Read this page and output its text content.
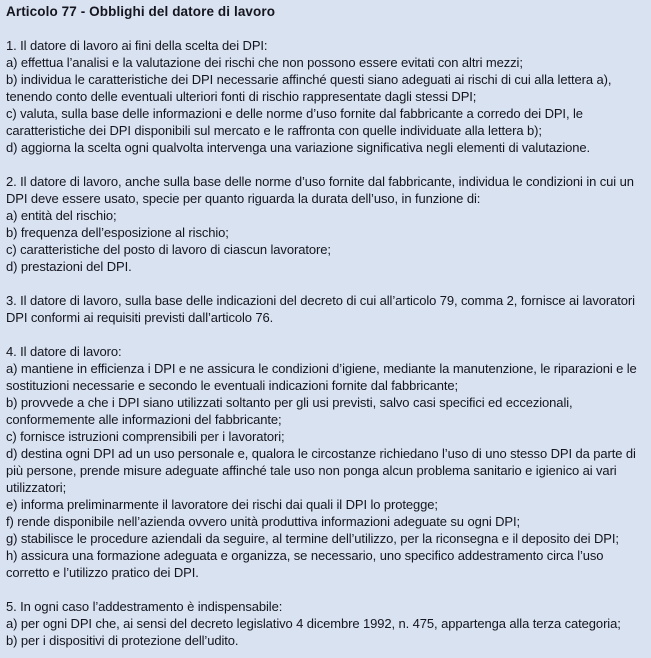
Articolo 77 - Obblighi del datore di lavoro
1. Il datore di lavoro ai fini della scelta dei DPI:
a) effettua l’analisi e la valutazione dei rischi che non possono essere evitati con altri mezzi;
b) individua le caratteristiche dei DPI necessarie affinché questi siano adeguati ai rischi di cui alla lettera a), tenendo conto delle eventuali ulteriori fonti di rischio rappresentate dagli stessi DPI;
c) valuta, sulla base delle informazioni e delle norme d’uso fornite dal fabbricante a corredo dei DPI, le caratteristiche dei DPI disponibili sul mercato e le raffronta con quelle individuate alla lettera b);
d) aggiorna la scelta ogni qualvolta intervenga una variazione significativa negli elementi di valutazione.
2. Il datore di lavoro, anche sulla base delle norme d’uso fornite dal fabbricante, individua le condizioni in cui un DPI deve essere usato, specie per quanto riguarda la durata dell’uso, in funzione di:
a) entità del rischio;
b) frequenza dell’esposizione al rischio;
c) caratteristiche del posto di lavoro di ciascun lavoratore;
d) prestazioni del DPI.
3. Il datore di lavoro, sulla base delle indicazioni del decreto di cui all’articolo 79, comma 2, fornisce ai lavoratori DPI conformi ai requisiti previsti dall’articolo 76.
4. Il datore di lavoro:
a) mantiene in efficienza i DPI e ne assicura le condizioni d’igiene, mediante la manutenzione, le riparazioni e le sostituzioni necessarie e secondo le eventuali indicazioni fornite dal fabbricante;
b) provvede a che i DPI siano utilizzati soltanto per gli usi previsti, salvo casi specifici ed eccezionali, conformemente alle informazioni del fabbricante;
c) fornisce istruzioni comprensibili per i lavoratori;
d) destina ogni DPI ad un uso personale e, qualora le circostanze richiedano l’uso di uno stesso DPI da parte di più persone, prende misure adeguate affinché tale uso non ponga alcun problema sanitario e igienico ai vari utilizzatori;
e) informa preliminarmente il lavoratore dei rischi dai quali il DPI lo protegge;
f) rende disponibile nell’azienda ovvero unità produttiva informazioni adeguate su ogni DPI;
g) stabilisce le procedure aziendali da seguire, al termine dell’utilizzo, per la riconsegna e il deposito dei DPI;
h) assicura una formazione adeguata e organizza, se necessario, uno specifico addestramento circa l’uso corretto e l’utilizzo pratico dei DPI.
5. In ogni caso l’addestramento è indispensabile:
a) per ogni DPI che, ai sensi del decreto legislativo 4 dicembre 1992, n. 475, appartenga alla terza categoria;
b) per i dispositivi di protezione dell’udito.
